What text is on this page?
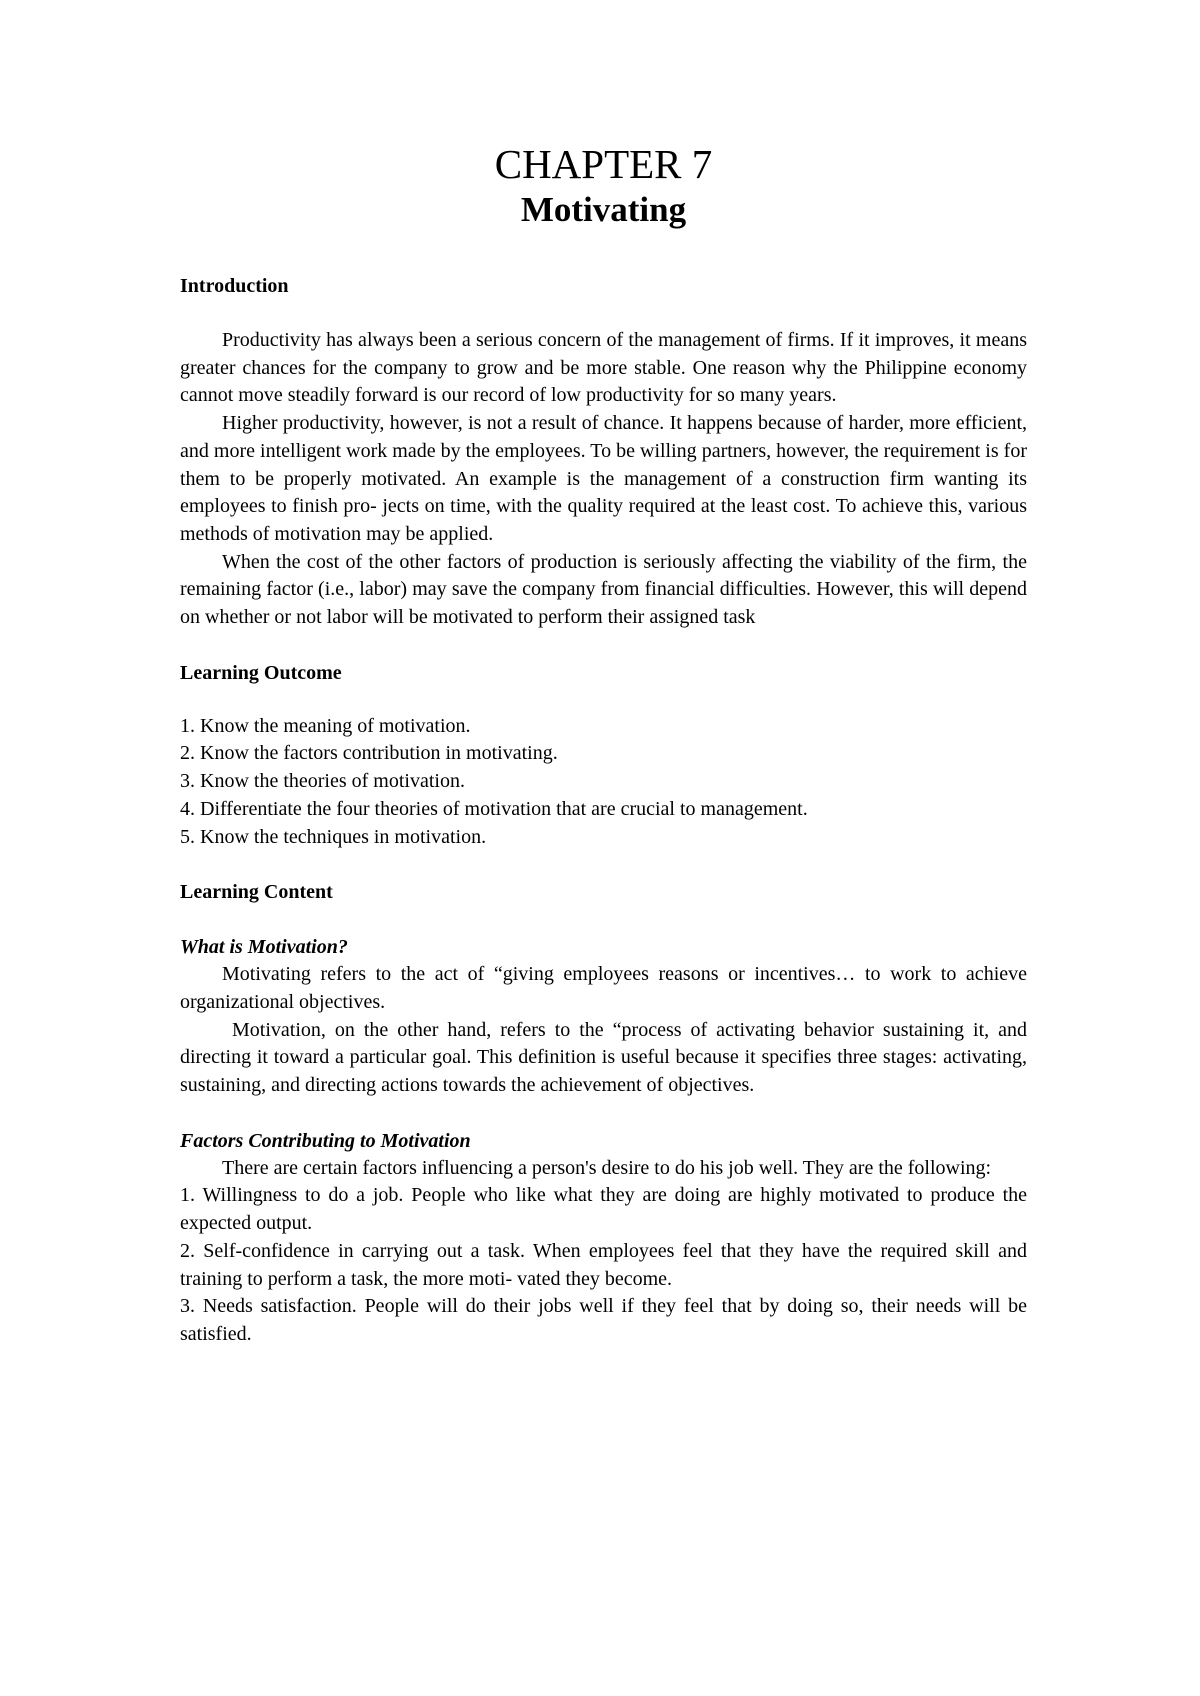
CHAPTER 7
Motivating
Introduction

Productivity has always been a serious concern of the management of firms. If it improves, it means greater chances for the company to grow and be more stable. One reason why the Philippine economy cannot move steadily forward is our record of low productivity for so many years.

Higher productivity, however, is not a result of chance. It happens because of harder, more efficient, and more intelligent work made by the employees. To be willing partners, however, the requirement is for them to be properly motivated. An example is the management of a construction firm wanting its employees to finish pro- jects on time, with the quality required at the least cost. To achieve this, various methods of motivation may be applied.

When the cost of the other factors of production is seriously affecting the viability of the firm, the remaining factor (i.e., labor) may save the company from financial difficulties. However, this will depend on whether or not labor will be motivated to perform their assigned task

Learning Outcome
1. Know the meaning of motivation.
2. Know the factors contribution in motivating.
3. Know the theories of motivation.
4. Differentiate the four theories of motivation that are crucial to management.
5. Know the techniques in motivation.
Learning Content
What is Motivation?

Motivating refers to the act of “giving employees reasons or incentives… to work to achieve organizational objectives.

Motivation, on the other hand, refers to the “process of activating behavior sustaining it, and directing it toward a particular goal. This definition is useful because it specifies three stages: activating, sustaining, and directing actions towards the achievement of objectives.

Factors Contributing to Motivation

There are certain factors influencing a person's desire to do his job well. They are the following:

1. Willingness to do a job. People who like what they are doing are highly motivated to produce the expected output.

2. Self-confidence in carrying out a task. When employees feel that they have the required skill and training to perform a task, the more moti- vated they become.

3. Needs satisfaction. People will do their jobs well if they feel that by doing so, their needs will be satisfied.
